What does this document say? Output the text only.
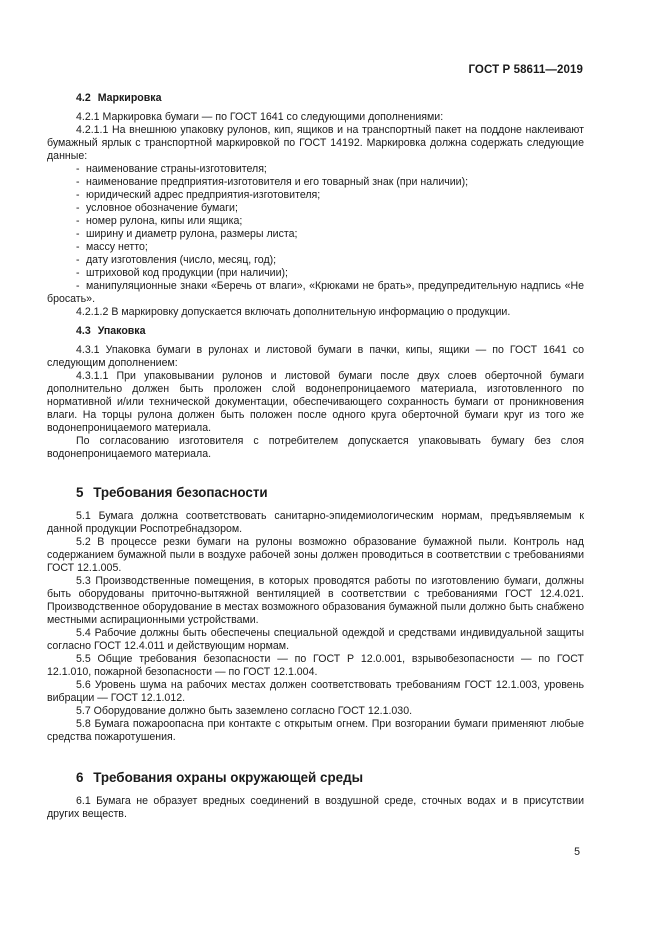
ГОСТ Р 58611—2019
4.2 Маркировка

4.2.1 Маркировка бумаги — по ГОСТ 1641 со следующими дополнениями:

4.2.1.1 На внешнюю упаковку рулонов, кип, ящиков и на транспортный пакет на поддоне наклеивают бумажный ярлык с транспортной маркировкой по ГОСТ 14192. Маркировка должна содержать следующие данные:

- наименование страны-изготовителя;
- наименование предприятия-изготовителя и его товарный знак (при наличии);
- юридический адрес предприятия-изготовителя;
- условное обозначение бумаги;
- номер рулона, кипы или ящика;
- ширину и диаметр рулона, размеры листа;
- массу нетто;
- дату изготовления (число, месяц, год);
- штриховой код продукции (при наличии);
- манипуляционные знаки «Беречь от влаги», «Крюками не брать», предупредительную надпись «Не бросать».

4.2.1.2 В маркировку допускается включать дополнительную информацию о продукции.

4.3 Упаковка

4.3.1 Упаковка бумаги в рулонах и листовой бумаги в пачки, кипы, ящики — по ГОСТ 1641 со следующим дополнением:

4.3.1.1 При упаковывании рулонов и листовой бумаги после двух слоев оберточной бумаги дополнительно должен быть проложен слой водонепроницаемого материала, изготовленного по нормативной и/или технической документации, обеспечивающего сохранность бумаги от проникновения влаги. На торцы рулона должен быть положен после одного круга оберточной бумаги круг из того же водонепроницаемого материала.

По согласованию изготовителя с потребителем допускается упаковывать бумагу без слоя водонепроницаемого материала.

5 Требования безопасности

5.1 Бумага должна соответствовать санитарно-эпидемиологическим нормам, предъявляемым к данной продукции Роспотребнадзором.

5.2 В процессе резки бумаги на рулоны возможно образование бумажной пыли. Контроль над содержанием бумажной пыли в воздухе рабочей зоны должен проводиться в соответствии с требованиями ГОСТ 12.1.005.

5.3 Производственные помещения, в которых проводятся работы по изготовлению бумаги, должны быть оборудованы приточно-вытяжной вентиляцией в соответствии с требованиями ГОСТ 12.4.021. Производственное оборудование в местах возможного образования бумажной пыли должно быть снабжено местными аспирационными устройствами.

5.4 Рабочие должны быть обеспечены специальной одеждой и средствами индивидуальной защиты согласно ГОСТ 12.4.011 и действующим нормам.

5.5 Общие требования безопасности — по ГОСТ Р 12.0.001, взрывобезопасности — по ГОСТ 12.1.010, пожарной безопасности — по ГОСТ 12.1.004.

5.6 Уровень шума на рабочих местах должен соответствовать требованиям ГОСТ 12.1.003, уровень вибрации — ГОСТ 12.1.012.

5.7 Оборудование должно быть заземлено согласно ГОСТ 12.1.030.

5.8 Бумага пожароопасна при контакте с открытым огнем. При возгорании бумаги применяют любые средства пожаротушения.

6 Требования охраны окружающей среды

6.1 Бумага не образует вредных соединений в воздушной среде, сточных водах и в присутствии других веществ.

5
